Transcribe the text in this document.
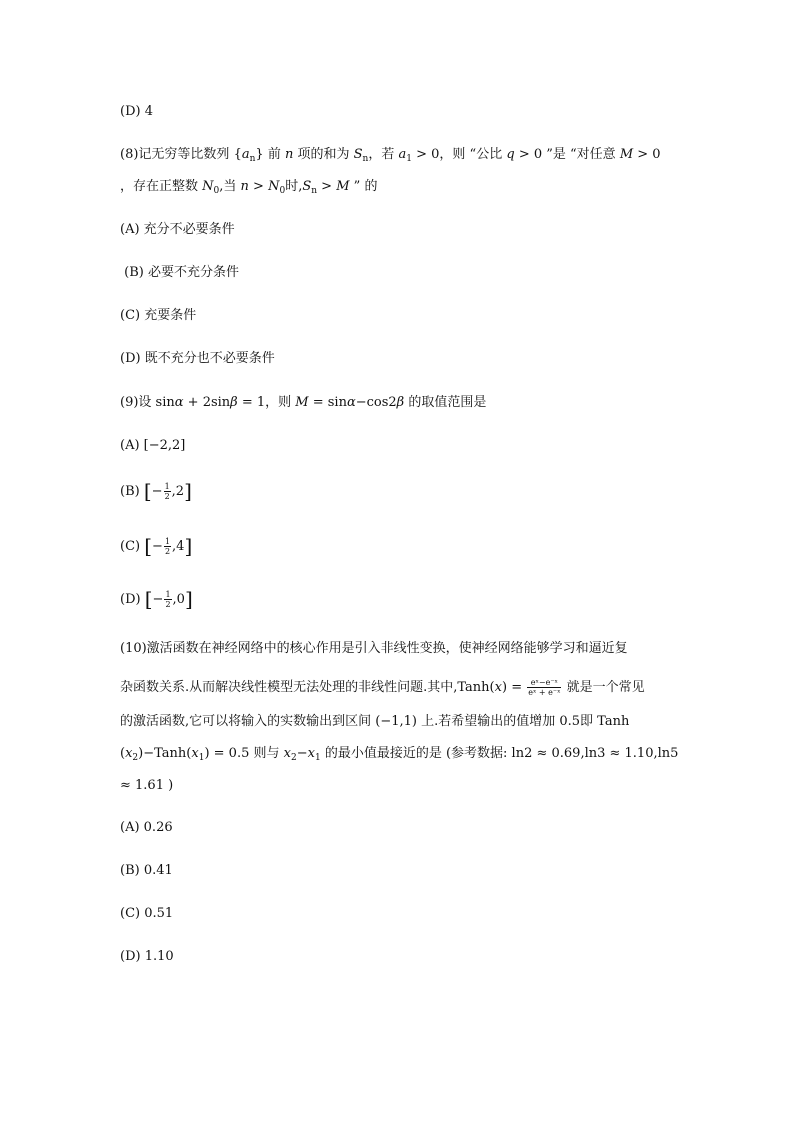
(D) 4
(8)记无穷等比数列 $\{a_n\}$ 前 n 项的和为 $S_n$，若 $a_1 > 0$，则 “公比 q > 0 ”是 “对任意 M > 0
，存在正整数 $N_0$,当 $n > N_0$时$,S_n > M$ ” 的
(A) 充分不必要条件
(B) 必要不充分条件
(C) 充要条件
(D) 既不充分也不必要条件
(9)设 sinα + 2sinβ = 1，则 M = sinα−cos2β 的取值范围是
(A) [−2,2]
(B) [− $\frac{1}{2} ,2$]
(C) [− $\frac{1}{2} ,4$]
(D) [− $\frac{1}{2} ,0$]
(10)激活函数在神经网络中的核心作用是引入非线性变换，使神经网络能够学习和逼近复
杂函数关系.从而解决线性模型无法处理的非线性问题.其中,Tanh(x) = $\frac{\text{eˣ−e⁻ˣ}}{\text{eˣ + e⁻ˣ}}$ 就是一个常见
的激活函数,它可以将输入的实数输出到区间 (−1,1) 上.若希望输出的值增加 0.5即 Tanh
$(x_2)-Tanh(x_1) = 0.5$ 则与 $x_2-x_1$ 的最小值最接近的是 (参考数据: ln2 ≈ 0.69,ln3 ≈ 1.10,ln5
≈ 1.61 )
(A) 0.26
(B) 0.41
(C) 0.51
(D) 1.10
